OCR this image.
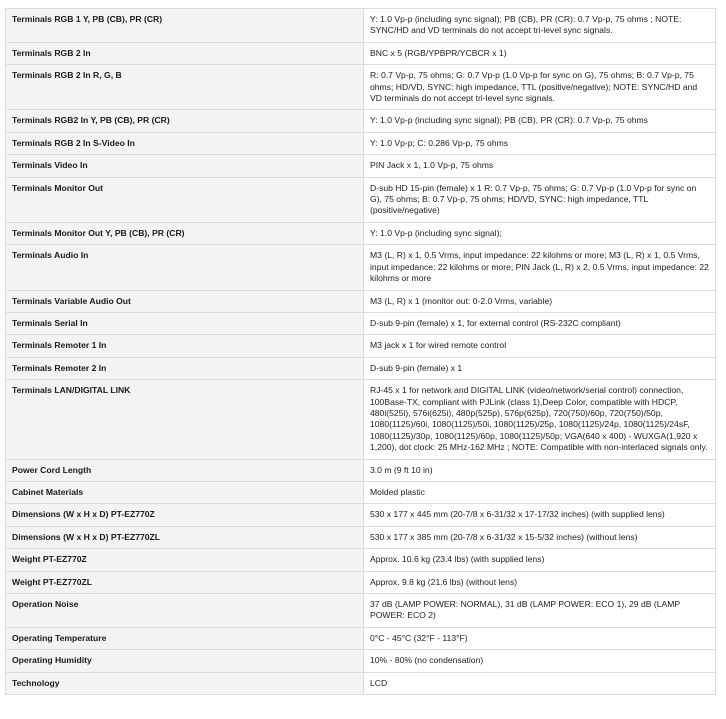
Terminals RGB 1 Y, PB (CB), PR (CR)	Y: 1.0 Vp-p (including sync signal); PB (CB), PR (CR): 0.7 Vp-p, 75 ohms ; NOTE: SYNC/HD and VD terminals do not accept tri-level sync signals.
Terminals RGB 2 In	BNC x 5 (RGB/YPBPR/YCBCR x 1)
Terminals RGB 2 In R, G, B	R: 0.7 Vp-p, 75 ohms; G: 0.7 Vp-p (1.0 Vp-p for sync on G), 75 ohms; B: 0.7 Vp-p, 75 ohms; HD/VD, SYNC: high impedance, TTL (positive/negative); NOTE: SYNC/HD and VD terminals do not accept tri-level sync signals.
Terminals RGB2 In Y, PB (CB), PR (CR)	Y: 1.0 Vp-p (including sync signal); PB (CB), PR (CR): 0.7 Vp-p, 75 ohms
Terminals RGB 2 In S-Video In	Y: 1.0 Vp-p; C: 0.286 Vp-p, 75 ohms
Terminals Video In	PIN Jack x 1, 1.0 Vp-p, 75 ohms
Terminals Monitor Out	D-sub HD 15-pin (female) x 1 R: 0.7 Vp-p, 75 ohms; G: 0.7 Vp-p (1.0 Vp-p for sync on G), 75 ohms; B: 0.7 Vp-p, 75 ohms; HD/VD, SYNC: high impedance, TTL (positive/negative)
Terminals Monitor Out Y, PB (CB), PR (CR)	Y: 1.0 Vp-p (including sync signal);
Terminals Audio In	M3 (L, R) x 1, 0.5 Vrms, input impedance: 22 kilohms or more; M3 (L, R) x 1, 0.5 Vrms, input impedance: 22 kilohms or more; PIN Jack (L, R) x 2, 0.5 Vrms, input impedance: 22 kilohms or more
Terminals Variable Audio Out	M3 (L, R) x 1 (monitor out: 0-2.0 Vrms, variable)
Terminals Serial In	D-sub 9-pin (female) x 1, for external control (RS-232C compliant)
Terminals Remoter 1 In	M3 jack x 1 for wired remote control
Terminals Remoter 2 In	D-sub 9-pin (female) x 1
Terminals LAN/DIGITAL LINK	RJ-45 x 1 for network and DIGITAL LINK (video/network/serial control) connection, 100Base-TX, compliant with PJLink (class 1),Deep Color, compatible with HDCP, 480i(525i), 576i(625i), 480p(525p), 576p(625p), 720(750)/60p, 720(750)/50p, 1080(1125)/60i, 1080(1125)/50i, 1080(1125)/25p, 1080(1125)/24p, 1080(1125)/24sF, 1080(1125)/30p, 1080(1125)/60p, 1080(1125)/50p; VGA(640 x 400) - WUXGA(1,920 x 1,200), dot clock: 25 MHz-162 MHz ; NOTE: Compatible with non-interlaced signals only.
Power Cord Length	3.0 m (9 ft 10 in)
Cabinet Materials	Molded plastic
Dimensions (W x H x D) PT-EZ770Z	530 x 177 x 445 mm (20-7/8 x 6-31/32 x 17-17/32 inches) (with supplied lens)
Dimensions (W x H x D) PT-EZ770ZL	530 x 177 x 385 mm (20-7/8 x 6-31/32 x 15-5/32 inches) (without lens)
Weight PT-EZ770Z	Approx. 10.6 kg (23.4 lbs) (with supplied lens)
Weight PT-EZ770ZL	Approx. 9.8 kg (21.6 lbs) (without lens)
Operation Noise	37 dB (LAMP POWER: NORMAL), 31 dB (LAMP POWER: ECO 1), 29 dB (LAMP POWER: ECO 2)
Operating Temperature	0°C - 45°C (32°F - 113°F)
Operating Humidity	10% - 80% (no condensation)
Technology	LCD
